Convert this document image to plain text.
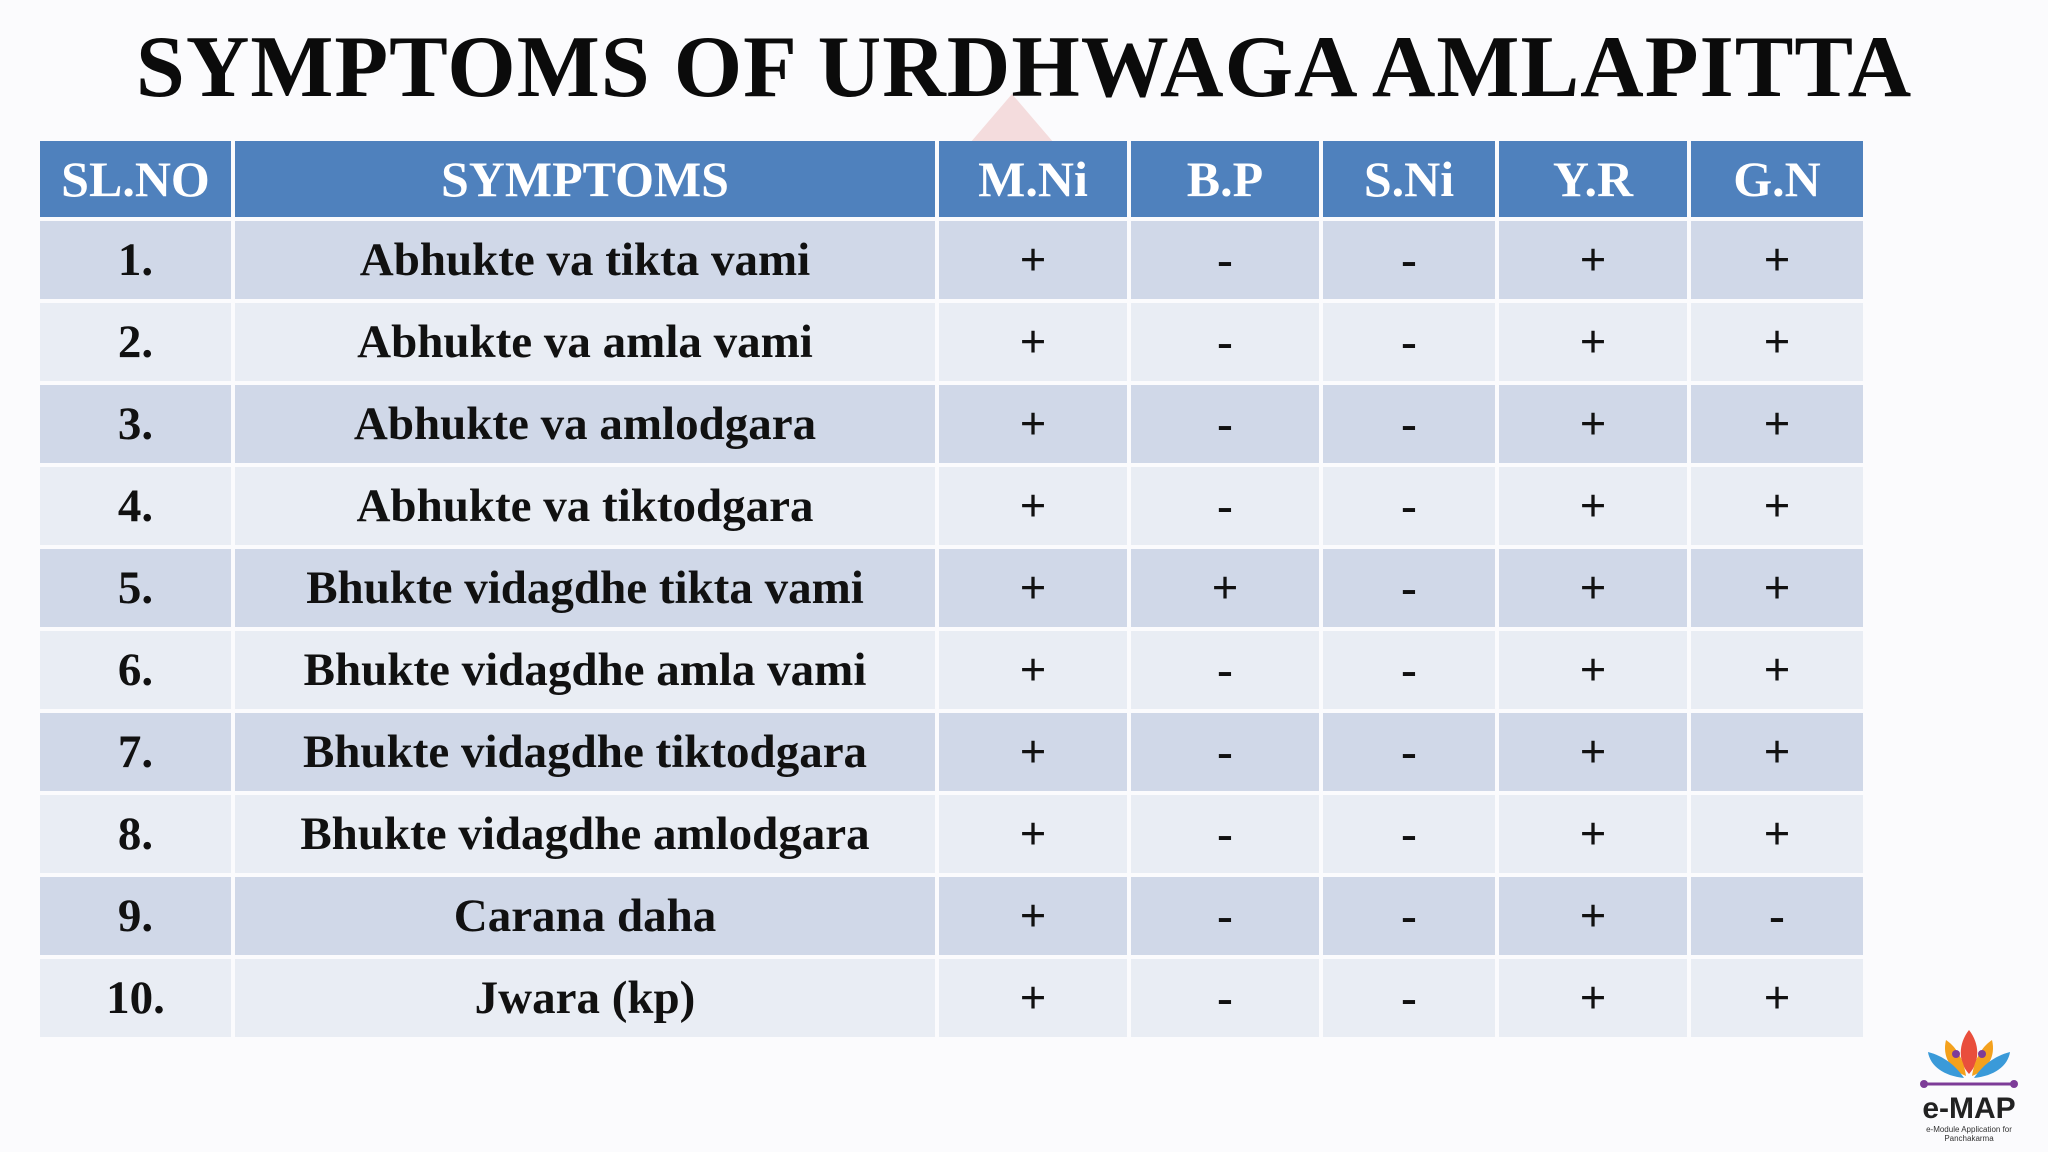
SYMPTOMS OF URDHWAGA AMLAPITTA
SL.NO	SYMPTOMS	M.Ni	B.P	S.Ni	Y.R	G.N
1.	Abhukte va tikta vami	+	-	-	+	+
2.	Abhukte va amla vami	+	-	-	+	+
3.	Abhukte va amlodgara	+	-	-	+	+
4.	Abhukte va tiktodgara	+	-	-	+	+
5.	Bhukte vidagdhe tikta vami	+	+	-	+	+
6.	Bhukte vidagdhe amla vami	+	-	-	+	+
7.	Bhukte vidagdhe tiktodgara	+	-	-	+	+
8.	Bhukte vidagdhe amlodgara	+	-	-	+	+
9.	Carana daha	+	-	-	+	-
10.	Jwara (kp)	+	-	-	+	+
e-MAP
e-Module Application for
Panchakarma
